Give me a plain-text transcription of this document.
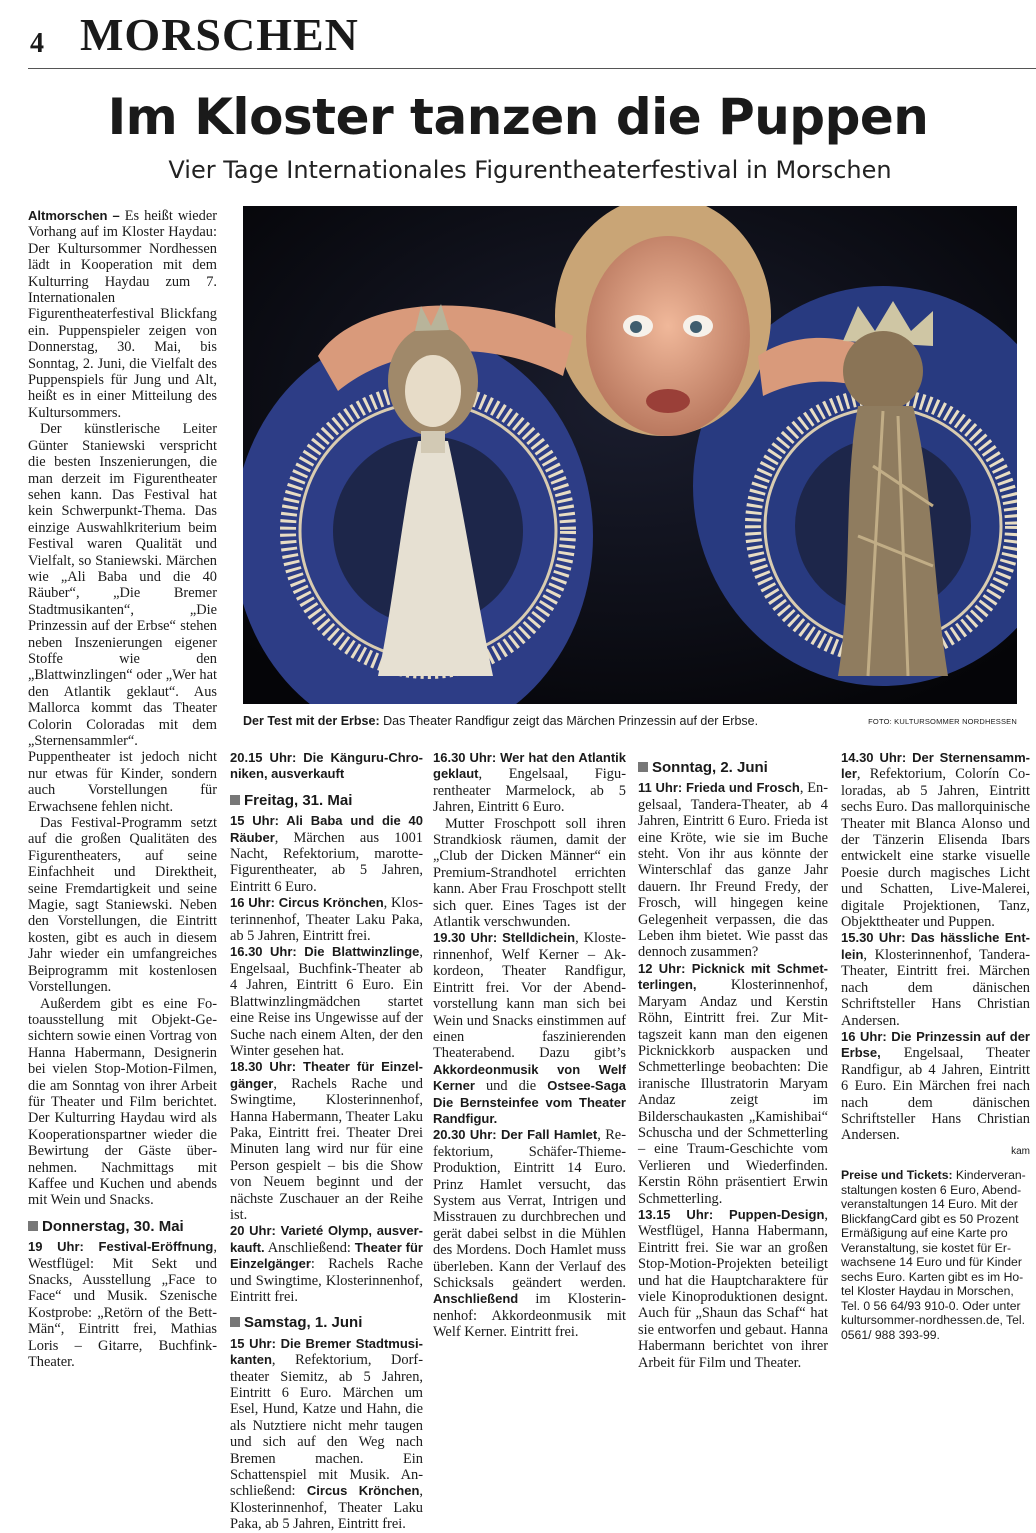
4 MORSCHEN
Im Kloster tanzen die Puppen
Vier Tage Internationales Figurentheaterfestival in Morschen

Altmorschen – Es heißt wieder Vorhang auf im Kloster Haydau: Der Kultursommer Nordhessen lädt in Kooperation mit dem Kulturring Haydau zum 7. Internationalen Figurentheaterfestival Blickfang ein. Puppenspieler zeigen von Donnerstag, 30. Mai, bis Sonntag, 2. Juni, die Vielfalt des Puppenspiels für Jung und Alt, heißt es in einer Mitteilung des Kultursommers.

Der künstlerische Leiter Günter Staniewski verspricht die besten Inszenierungen, die man derzeit im Figurentheater sehen kann. Das Festival hat kein Schwerpunkt-Thema. Das einzige Auswahlkriterium beim Festival waren Qualität und Vielfalt, so Staniewski. Märchen wie „Ali Baba und die 40 Räuber“, „Die Bremer Stadtmusikanten“, „Die Prinzessin auf der Erbse“ stehen neben Inszenierungen eigener Stoffe wie den „Blattwinzlingen“ oder „Wer hat den Atlantik geklaut“. Aus Mallorca kommt das Theater Colorin Coloradas mit dem „Sternensammler“. Puppentheater ist jedoch nicht nur etwas für Kinder, sondern auch Vorstellungen für Erwachsene fehlen nicht.

Das Festival-Programm setzt auf die großen Qualitäten des Figurentheaters, auf seine Einfachheit und Direktheit, seine Fremdartigkeit und seine Magie, sagt Staniewski. Neben den Vorstellungen, die Eintritt kosten, gibt es auch in diesem Jahr wieder ein umfangreiches Beiprogramm mit kostenlosen Vorstellungen.

Außerdem gibt es eine Fotoausstellung mit Objekt-Gesichtern sowie einen Vortrag von Hanna Habermann, Designerin bei vielen Stop-Motion-Filmen, die am Sonntag von ihrer Arbeit für Theater und Film berichtet. Der Kulturring Haydau wird als Kooperationspartner wieder die Bewirtung der Gäste übernehmen. Nachmittags mit Kaffee und Kuchen und abends mit Wein und Snacks.

Donnerstag, 30. Mai

19 Uhr: Festival-Eröffnung, Westflügel: Mit Sekt und Snacks, Ausstellung „Face to Face“ und Musik. Szenische Kostprobe: „Retörn of the Bett-Män“, Eintritt frei, Mathias Loris – Gitarre, Buchfink-Theater.

Der Test mit der Erbse: Das Theater Randfigur zeigt das Märchen Prinzessin auf der Erbse.	FOTO: KULTURSOMMER NORDHESSEN

20.15 Uhr: Die Känguru-Chroniken, ausverkauft

Freitag, 31. Mai

15 Uhr: Ali Baba und die 40 Räuber, Märchen aus 1001 Nacht, Refektorium, marotte-Figurentheater, ab 5 Jahren, Eintritt 6 Euro.

16 Uhr: Circus Krönchen, Klosterinnenhof, Theater Laku Paka, ab 5 Jahren, Eintritt frei.

16.30 Uhr: Die Blattwinzlinge, Engelsaal, Buchfink-Theater ab 4 Jahren, Eintritt 6 Euro. Ein Blattwinzlingmädchen startet eine Reise ins Ungewisse auf der Suche nach einem Alten, der den Winter gesehen hat.

18.30 Uhr: Theater für Einzelgänger, Rachels Rache und Swingtime, Klosterinnenhof, Hanna Habermann, Theater Laku Paka, Eintritt frei. Theater Drei Minuten lang wird nur für eine Person gespielt – bis die Show von Neuem beginnt und der nächste Zuschauer an der Reihe ist.

20 Uhr: Varieté Olymp, ausverkauft. Anschließend: Theater für Einzelgänger: Rachels Rache und Swingtime, Klosterinnenhof, Eintritt frei.

Samstag, 1. Juni

15 Uhr: Die Bremer Stadtmusikanten, Refektorium, Dorftheater Siemitz, ab 5 Jahren, Eintritt 6 Euro. Märchen um Esel, Hund, Katze und Hahn, die als Nutztiere nicht mehr taugen und sich auf den Weg nach Bremen machen. Ein Schattenspiel mit Musik. Anschließend: Circus Krönchen, Klosterinnenhof, Theater Laku Paka, ab 5 Jahren, Eintritt frei.

16.30 Uhr: Wer hat den Atlantik geklaut, Engelsaal, Figurentheater Marmelock, ab 5 Jahren, Eintritt 6 Euro.

Mutter Froschpott soll ihren Strandkiosk räumen, damit der „Club der Dicken Männer“ ein Premium-Strandhotel errichten kann. Aber Frau Froschpott stellt sich quer. Eines Tages ist der Atlantik verschwunden.

19.30 Uhr: Stelldichein, Klosterinnenhof, Welf Kerner – Akkordeon, Theater Randfigur, Eintritt frei. Vor der Abendvorstellung kann man sich bei Wein und Snacks einstimmen auf einen faszinierenden Theaterabend. Dazu gibt’s Akkordeonmusik von Welf Kerner und die Ostsee-Saga Die Bernsteinfee vom Theater Randfigur.

20.30 Uhr: Der Fall Hamlet, Refektorium, Schäfer-Thieme-Produktion, Eintritt 14 Euro. Prinz Hamlet versucht, das System aus Verrat, Intrigen und Misstrauen zu durchbrechen und gerät dabei selbst in die Mühlen des Mordens. Doch Hamlet muss überleben. Kann der Verlauf des Schicksals geändert werden. Anschließend im Klosterinnenhof: Akkordeonmusik mit Welf Kerner. Eintritt frei.

Sonntag, 2. Juni

11 Uhr: Frieda und Frosch, Engelsaal, Tandera-Theater, ab 4 Jahren, Eintritt 6 Euro. Frieda ist eine Kröte, wie sie im Buche steht. Von ihr aus könnte der Winterschlaf das ganze Jahr dauern. Ihr Freund Fredy, der Frosch, will hingegen keine Gelegenheit verpassen, die das Leben ihm bietet. Wie passt das dennoch zusammen?

12 Uhr: Picknick mit Schmetterlingen, Klosterinnenhof, Maryam Andaz und Kerstin Röhn, Eintritt frei. Zur Mittagszeit kann man den eigenen Picknickkorb auspacken und Schmetterlinge beobachten: Die iranische Illustratorin Maryam Andaz zeigt im Bilderschaukasten „Kamishibai“ Schuscha und der Schmetterling – eine Traum-Geschichte vom Verlieren und Wiederfinden. Kerstin Röhn präsentiert Erwin Schmetterling.

13.15 Uhr: Puppen-Design, Westflügel, Hanna Habermann, Eintritt frei. Sie war an großen Stop-Motion-Projekten beteiligt und hat die Hauptcharaktere für viele Kinoproduktionen designt. Auch für „Shaun das Schaf“ hat sie entworfen und gebaut. Hanna Habermann berichtet von ihrer Arbeit für Film und Theater.

14.30 Uhr: Der Sternensammler, Refektorium, Colorín Coloradas, ab 5 Jahren, Eintritt sechs Euro. Das mallorquinische Theater mit Blanca Alonso und der Tänzerin Elisenda Ibars entwickelt eine starke visuelle Poesie durch magisches Licht und Schatten, Live-Malerei, digitale Projektionen, Tanz, Objekttheater und Puppen.

15.30 Uhr: Das hässliche Entlein, Klosterinnenhof, Tandera-Theater, Eintritt frei. Märchen nach dem dänischen Schriftsteller Hans Christian Andersen.

16 Uhr: Die Prinzessin auf der Erbse, Engelsaal, Theater Randfigur, ab 4 Jahren, Eintritt 6 Euro. Ein Märchen frei nach nach dem dänischen Schriftsteller Hans Christian Andersen.

kam
Preise und Tickets: Kinderveranstaltungen kosten 6 Euro, Abendveranstaltungen 14 Euro. Mit der BlickfangCard gibt es 50 Prozent Ermäßigung auf eine Karte pro Veranstaltung, sie kostet für Erwachsene 14 Euro und für Kinder sechs Euro. Karten gibt es im Hotel Kloster Haydau in Morschen, Tel. 0 56 64/93 910-0. Oder unter kultursommer-nordhessen.de, Tel. 0561/ 988 393-99.
